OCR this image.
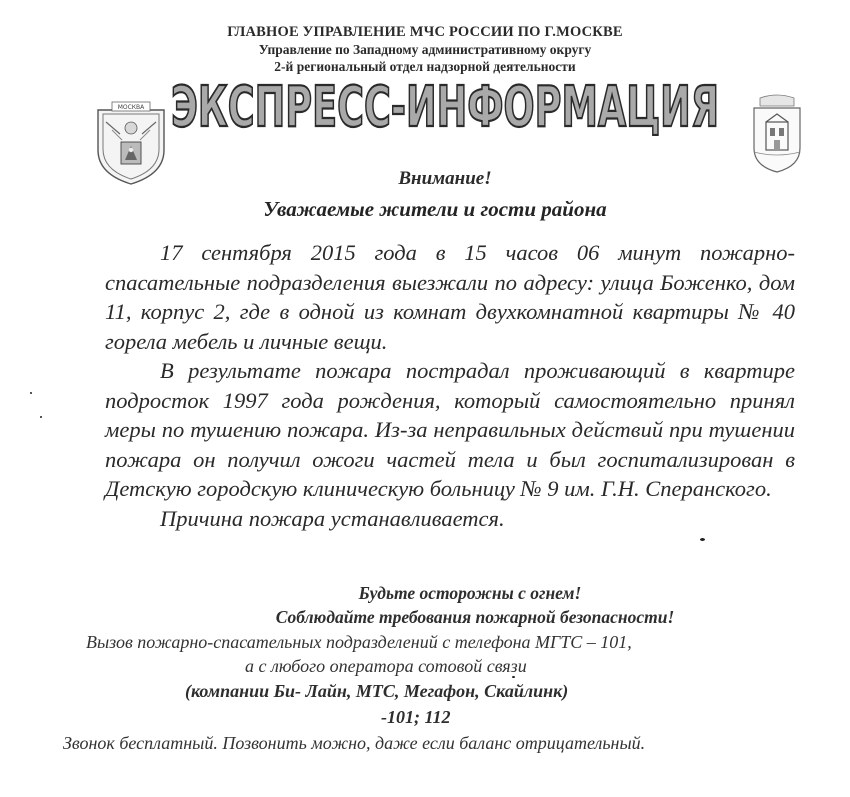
ГЛАВНОЕ УПРАВЛЕНИЕ МЧС РОССИИ ПО Г.МОСКВЕ
Управление по Западному административному округу
2-й региональный отдел надзорной деятельности
МОСКВА ЭКСПРЕСС-ИНФОРМАЦИЯ
Внимание!
Уважаемые жители и гости района

17 сентября 2015 года в 15 часов 06 минут пожарно-спасательные подразделения выезжали по адресу: улица Боженко, дом 11, корпус 2, где в одной из комнат двухкомнатной квартиры № 40 горела мебель и личные вещи.

В результате пожара пострадал проживающий в квартире подросток 1997 года рождения, который самостоятельно принял меры по тушению пожара. Из-за неправильных действий при тушении пожара он получил ожоги частей тела и был госпитализирован в Детскую городскую клиническую больницу № 9 им. Г.Н. Сперанского.

Причина пожара устанавливается.

Будьте осторожны с огнем!
Соблюдайте требования пожарной безопасности!
Вызов пожарно-спасательных подразделений с телефона МГТС – 101,
а с любого оператора сотовой связи
(компании Би- Лайн, МТС, Мегафон, Скайлинк)
-101; 112
Звонок бесплатный. Позвонить можно, даже если баланс отрицательный.
